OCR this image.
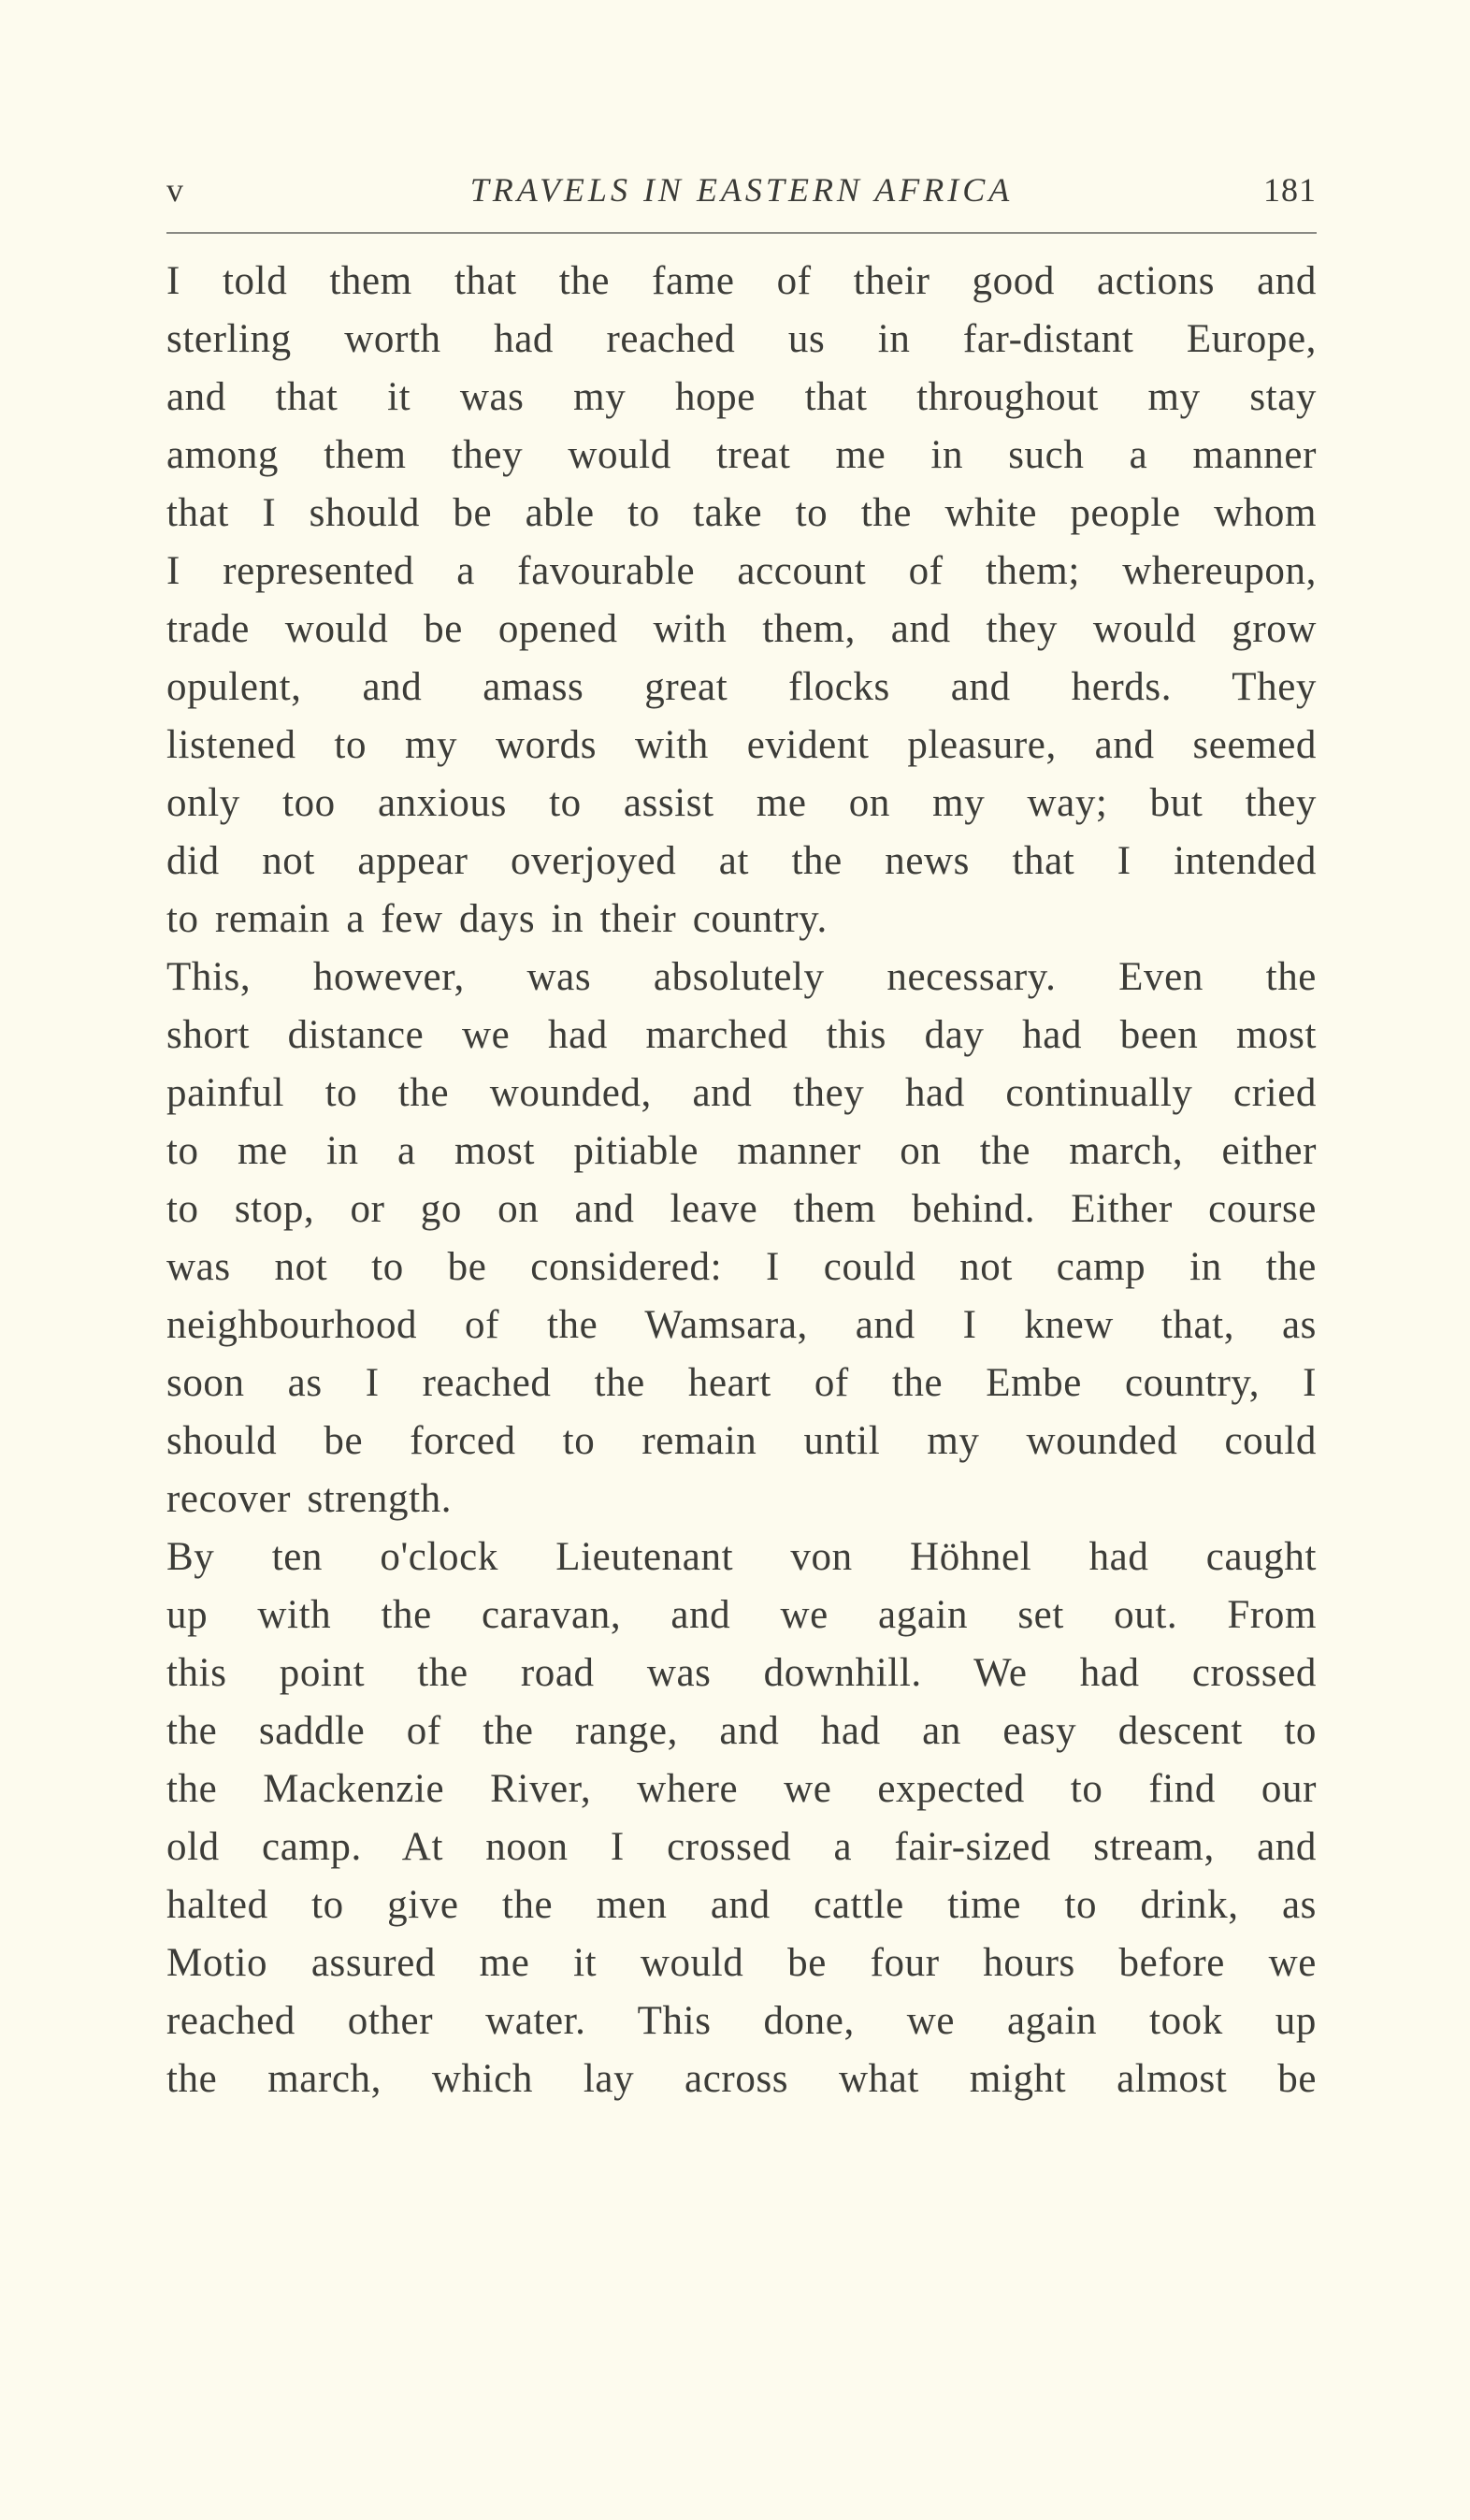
v	TRAVELS IN EASTERN AFRICA	181

I told them that the fame of their good actions and

sterling worth had reached us in far-distant Europe,

and that it was my hope that throughout my stay

among them they would treat me in such a manner

that I should be able to take to the white people whom

I represented a favourable account of them; whereupon,

trade would be opened with them, and they would grow

opulent, and amass great flocks and herds. They

listened to my words with evident pleasure, and seemed

only too anxious to assist me on my way; but they

did not appear overjoyed at the news that I intended

to remain a few days in their country.

This, however, was absolutely necessary. Even the

short distance we had marched this day had been most

painful to the wounded, and they had continually cried

to me in a most pitiable manner on the march, either

to stop, or go on and leave them behind. Either course

was not to be considered: I could not camp in the

neighbourhood of the Wamsara, and I knew that, as

soon as I reached the heart of the Embe country, I

should be forced to remain until my wounded could

recover strength.

By ten o'clock Lieutenant von Höhnel had caught

up with the caravan, and we again set out. From

this point the road was downhill. We had crossed

the saddle of the range, and had an easy descent to

the Mackenzie River, where we expected to find our

old camp. At noon I crossed a fair-sized stream, and

halted to give the men and cattle time to drink, as

Motio assured me it would be four hours before we

reached other water. This done, we again took up

the march, which lay across what might almost be
